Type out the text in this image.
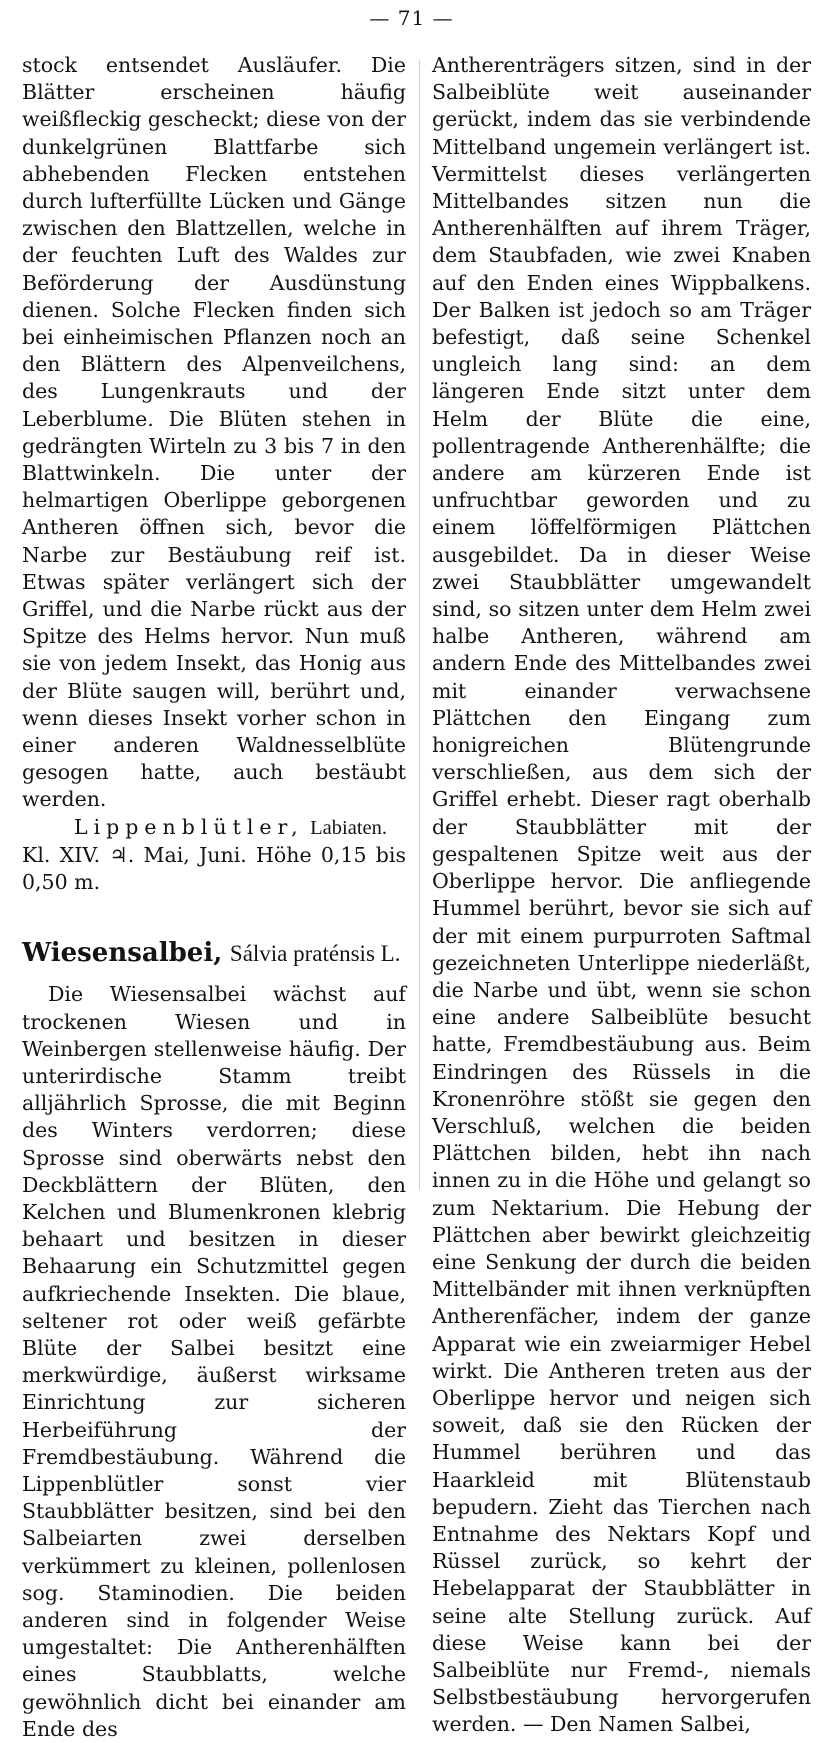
— 71 —

stock entsendet Ausläufer. Die Blätter erscheinen häufig weißfleckig gescheckt; diese von der dunkelgrünen Blattfarbe sich abhebenden Flecken entstehen durch lufterfüllte Lücken und Gänge zwischen den Blattzellen, welche in der feuchten Luft des Waldes zur Beförderung der Ausdünstung dienen. Solche Flecken finden sich bei einheimischen Pflanzen noch an den Blättern des Alpenveilchens, des Lungenkrauts und der Leberblume. Die Blüten stehen in gedrängten Wirteln zu 3 bis 7 in den Blattwinkeln. Die unter der helmartigen Oberlippe geborgenen Antheren öffnen sich, bevor die Narbe zur Bestäubung reif ist. Etwas später verlängert sich der Griffel, und die Narbe rückt aus der Spitze des Helms hervor. Nun muß sie von jedem Insekt, das Honig aus der Blüte saugen will, berührt und, wenn dieses Insekt vorher schon in einer anderen Waldnesselblüte gesogen hatte, auch bestäubt werden.

Lippenblütler, Labiaten.

Kl. XIV. ♃. Mai, Juni. Höhe 0,15 bis 0,50 m.

Wiesensalbei, Sálvia praténsis L.

Die Wiesensalbei wächst auf trockenen Wiesen und in Weinbergen stellenweise häufig. Der unterirdische Stamm treibt alljährlich Sprosse, die mit Beginn des Winters verdorren; diese Sprosse sind oberwärts nebst den Deckblättern der Blüten, den Kelchen und Blumenkronen klebrig behaart und besitzen in dieser Behaarung ein Schutzmittel gegen aufkriechende Insekten. Die blaue, seltener rot oder weiß gefärbte Blüte der Salbei besitzt eine merkwürdige, äußerst wirksame Einrichtung zur sicheren Herbeiführung der Fremdbestäubung. Während die Lippenblütler sonst vier Staubblätter besitzen, sind bei den Salbeiarten zwei derselben verkümmert zu kleinen, pollenlosen sog. Staminodien. Die beiden anderen sind in folgender Weise umgestaltet: Die Antherenhälften eines Staubblatts, welche gewöhnlich dicht bei einander am Ende des

Antherenträgers sitzen, sind in der Salbeiblüte weit auseinander gerückt, indem das sie verbindende Mittelband ungemein verlängert ist. Vermittelst dieses verlängerten Mittelbandes sitzen nun die Antherenhälften auf ihrem Träger, dem Staubfaden, wie zwei Knaben auf den Enden eines Wippbalkens. Der Balken ist jedoch so am Träger befestigt, daß seine Schenkel ungleich lang sind: an dem längeren Ende sitzt unter dem Helm der Blüte die eine, pollentragende Antherenhälfte; die andere am kürzeren Ende ist unfruchtbar geworden und zu einem löffelförmigen Plättchen ausgebildet. Da in dieser Weise zwei Staubblätter umgewandelt sind, so sitzen unter dem Helm zwei halbe Antheren, während am andern Ende des Mittelbandes zwei mit einander verwachsene Plättchen den Eingang zum honigreichen Blütengrunde verschließen, aus dem sich der Griffel erhebt. Dieser ragt oberhalb der Staubblätter mit der gespaltenen Spitze weit aus der Oberlippe hervor. Die anfliegende Hummel berührt, bevor sie sich auf der mit einem purpurroten Saftmal gezeichneten Unterlippe niederläßt, die Narbe und übt, wenn sie schon eine andere Salbeiblüte besucht hatte, Fremdbestäubung aus. Beim Eindringen des Rüssels in die Kronenröhre stößt sie gegen den Verschluß, welchen die beiden Plättchen bilden, hebt ihn nach innen zu in die Höhe und gelangt so zum Nektarium. Die Hebung der Plättchen aber bewirkt gleichzeitig eine Senkung der durch die beiden Mittelbänder mit ihnen verknüpften Antherenfächer, indem der ganze Apparat wie ein zweiarmiger Hebel wirkt. Die Antheren treten aus der Oberlippe hervor und neigen sich soweit, daß sie den Rücken der Hummel berühren und das Haarkleid mit Blütenstaub bepudern. Zieht das Tierchen nach Entnahme des Nektars Kopf und Rüssel zurück, so kehrt der Hebelapparat der Staubblätter in seine alte Stellung zurück. Auf diese Weise kann bei der Salbeiblüte nur Fremd-, niemals Selbstbestäubung hervorgerufen werden. — Den Namen Salbei,
